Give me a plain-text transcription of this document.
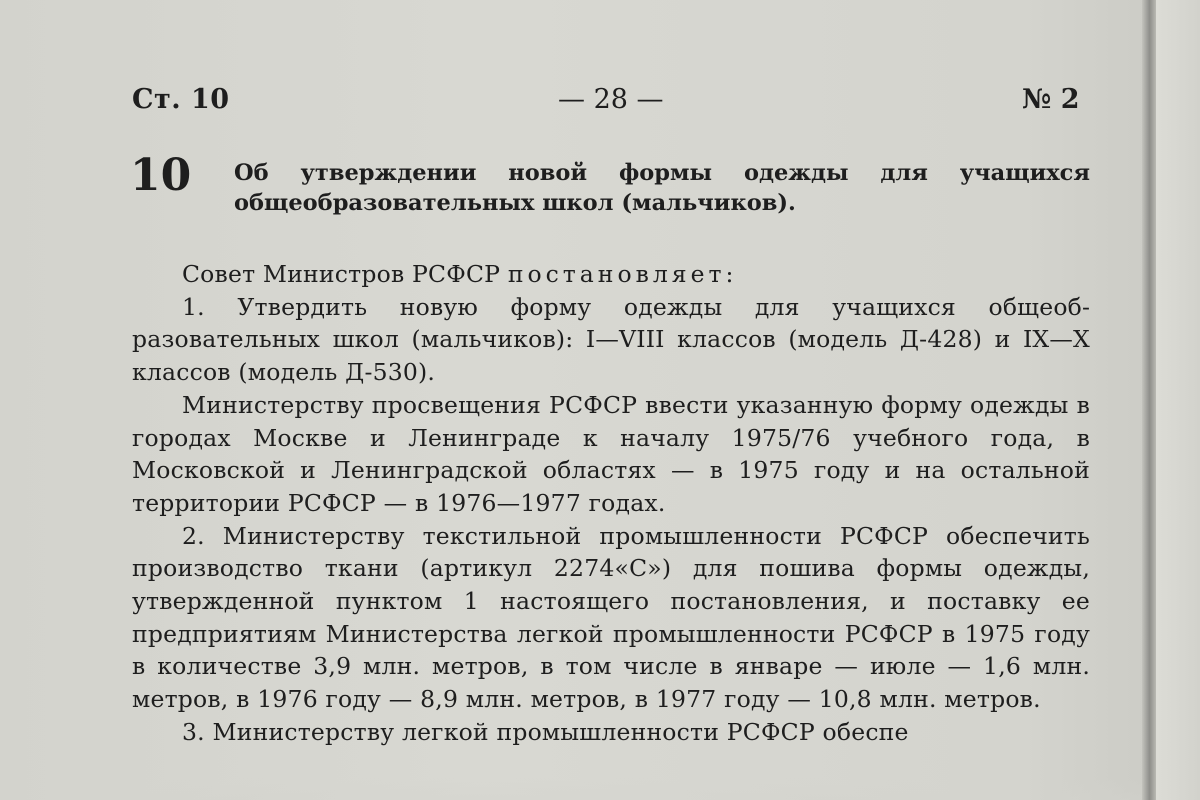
Ст. 10	— 28 —	№ 2
10 Об утверждении новой формы одежды для учащихся общеобразовательных школ (мальчиков).

Совет Министров РСФСР постановляет:

1. Утвердить новую форму одежды для учащихся общеобразовательных школ (мальчиков): I—VIII классов (модель Д-428) и IX—X классов (модель Д-530).

Министерству просвещения РСФСР ввести указанную форму одежды в городах Москве и Ленинграде к началу 1975/76 учебного года, в Московской и Ленинградской областях — в 1975 году и на остальной территории РСФСР — в 1976—1977 годах.

2. Министерству текстильной промышленности РСФСР обеспечить производство ткани (артикул 2274«С») для пошива формы одежды, утвержденной пунктом 1 настоящего постановления, и поставку ее предприятиям Министерства легкой промышленности РСФСР в 1975 году в количестве 3,9 млн. метров, в том числе в январе — июле — 1,6 млн. метров, в 1976 году — 8,9 млн. метров, в 1977 году — 10,8 млн. метров.

3. Министерству легкой промышленности РСФСР обеспе
